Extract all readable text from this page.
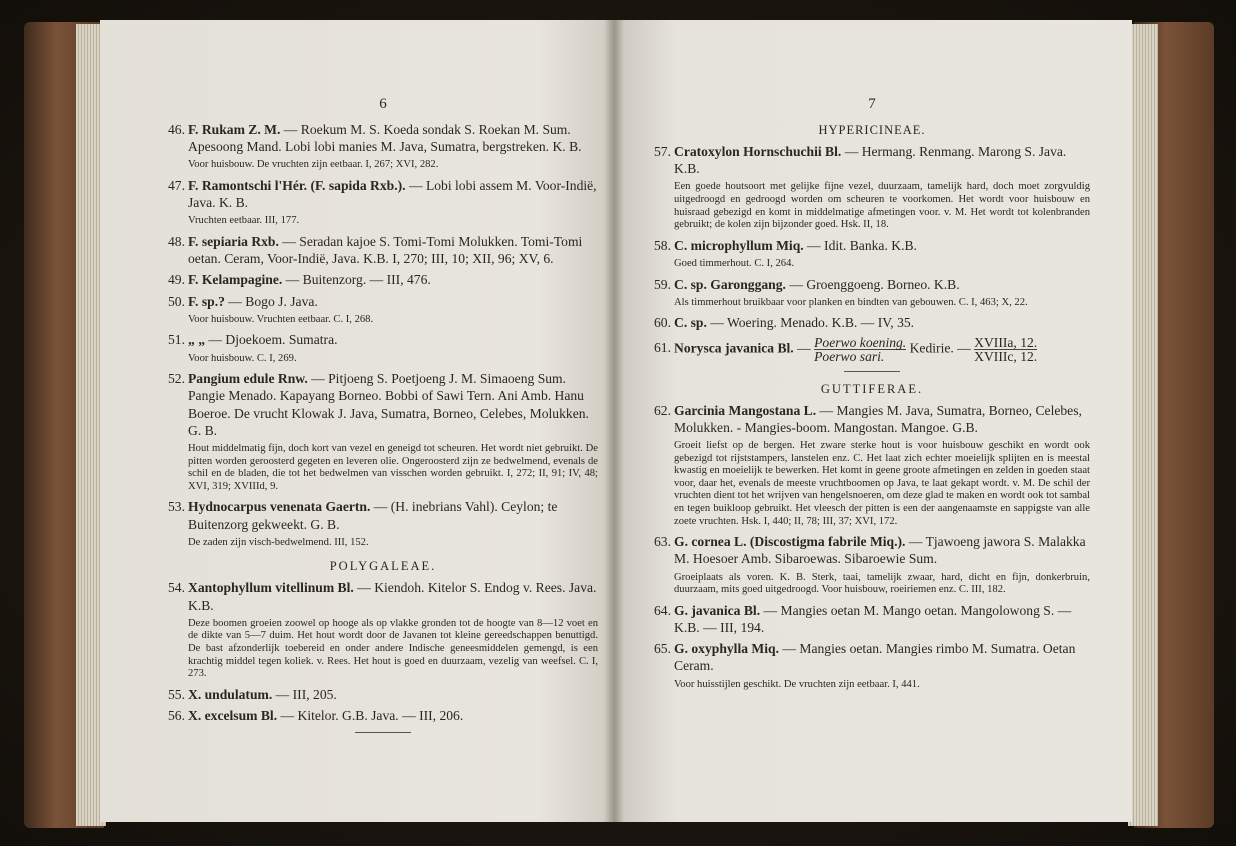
6
46. F. Rukam Z. M. — Roekum M. S. Koeda sondak S. Roekan M. Sum. Apesoong Mand. Lobi lobi manies M. Java, Sumatra, bergstreken. K. B.
Voor huisbouw. De vruchten zijn eetbaar. I, 267; XVI, 282.
47. F. Ramontschi l'Hér. (F. sapida Rxb.). — Lobi lobi assem M. Voor-Indië, Java. K. B.
Vruchten eetbaar. III, 177.
48. F. sepiaria Rxb. — Seradan kajoe S. Tomi-Tomi Molukken. Tomi-Tomi oetan. Ceram, Voor-Indië, Java. K.B. I, 270; III, 10; XII, 96; XV, 6.
49. F. Kelampagine. — Buitenzorg. — III, 476.
50. F. sp.? — Bogo J. Java.
Voor huisbouw. Vruchten eetbaar. C. I, 268.
51. „ „ — Djoekoem. Sumatra.
Voor huisbouw. C. I, 269.
52. Pangium edule Rnw. — Pitjoeng S. Poetjoeng J. M. Simaoeng Sum. Pangie Menado. Kapayang Borneo. Bobbi of Sawi Tern. Ani Amb. Hanu Boeroe. De vrucht Klowak J. Java, Sumatra, Borneo, Celebes, Molukken. G. B.
Hout middelmatig fijn, doch kort van vezel en geneigd tot scheuren. Het wordt niet gebruikt. De pitten worden geroosterd gegeten en leveren olie. Ongeroosterd zijn ze bedwelmend, evenals de schil en de bladen, die tot het bedwelmen van visschen worden gebruikt. I, 272; II, 91; IV, 48; XVI, 319; XVIIId, 9.
53. Hydnocarpus venenata Gaertn. — (H. inebrians Vahl). Ceylon; te Buitenzorg gekweekt. G. B.
De zaden zijn visch-bedwelmend. III, 152.
POLYGALEAE.
54. Xantophyllum vitellinum Bl. — Kiendoh. Kitelor S. Endog v. Rees. Java. K.B.
Deze boomen groeien zoowel op hooge als op vlakke gronden tot de hoogte van 8—12 voet en de dikte van 5—7 duim. Het hout wordt door de Javanen tot kleine gereedschappen benuttigd. De bast afzonderlijk toebereid en onder andere Indische geneesmiddelen gemengd, is een krachtig middel tegen koliek. v. Rees. Het hout is goed en duurzaam, vezelig van weefsel. C. I, 273.
55. X. undulatum. — III, 205.
56. X. excelsum Bl. — Kitelor. G.B. Java. — III, 206.
7
HYPERICINEAE.
57. Cratoxylon Hornschuchii Bl. — Hermang. Renmang. Marong S. Java. K.B.
Een goede houtsoort met gelijke fijne vezel, duurzaam, tamelijk hard, doch moet zorgvuldig uitgedroogd en gedroogd worden om scheuren te voorkomen. Het wordt voor huisbouw en huisraad gebezigd en komt in middelmatige afmetingen voor. v. M. Het wordt tot kolenbranden gebruikt; de kolen zijn bijzonder goed. Hsk. II, 18.
58. C. microphyllum Miq. — Idit. Banka. K.B.
Goed timmerhout. C. I, 264.
59. C. sp. Garonggang. — Groenggoeng. Borneo. K.B.
Als timmerhout bruikbaar voor planken en bindten van gebouwen. C. I, 463; X, 22.
60. C. sp. — Woering. Menado. K.B. — IV, 35.
61. Norysca javanica Bl. — $\frac{\text{Poerwo koening.}}{\text{Poerwo sari.}}$ Kedirie. — XVIIIa, 12.
XVIIIc, 12.
GUTTIFERAE.
62. Garcinia Mangostana L. — Mangies M. Java, Sumatra, Borneo, Celebes, Molukken. - Mangies-boom. Mangostan. Mangoe. G.B.
Groeit liefst op de bergen. Het zware sterke hout is voor huisbouw geschikt en wordt ook gebezigd tot rijststampers, lanstelen enz. C. Het laat zich echter moeielijk splijten en is meestal kwastig en moeielijk te bewerken. Het komt in geene groote afmetingen en zelden in goeden staat voor, daar het, evenals de meeste vruchtboomen op Java, te laat gekapt wordt. v. M. De schil der vruchten dient tot het wrijven van hengelsnoeren, om deze glad te maken en wordt ook tot sambal en tegen buikloop gebruikt. Het vleesch der pitten is een der aangenaamste en sappigste van alle zoete vruchten. Hsk. I, 440; II, 78; III, 37; XVI, 172.
63. G. cornea L. (Discostigma fabrile Miq.). — Tjawoeng jawora S. Malakka M. Hoesoer Amb. Sibaroewas. Sibaroewie Sum.
Groeiplaats als voren. K. B. Sterk, taai, tamelijk zwaar, hard, dicht en fijn, donkerbruin, duurzaam, mits goed uitgedroogd. Voor huisbouw, roeiriemen enz. C. III, 182.
64. G. javanica Bl. — Mangies oetan M. Mango oetan. Mangolowong S. — K.B. — III, 194.
65. G. oxyphylla Miq. — Mangies oetan. Mangies rimbo M. Sumatra. Oetan Ceram.
Voor huisstijlen geschikt. De vruchten zijn eetbaar. I, 441.
